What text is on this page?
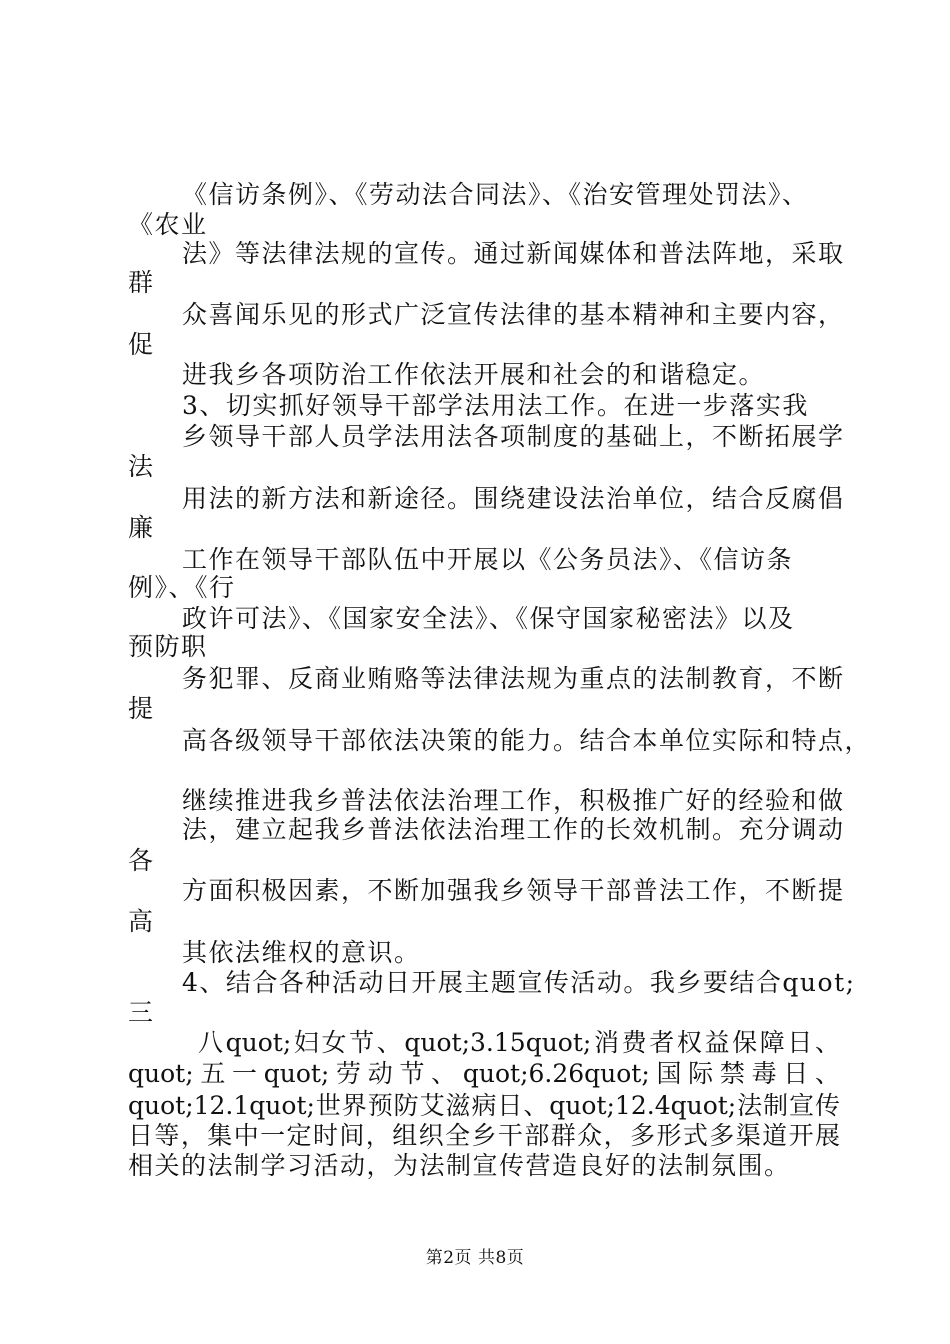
《信访条例》、《劳动法合同法》、《治安管理处罚法》、
《农业
法》等法律法规的宣传。通过新闻媒体和普法阵地，采取
群
众喜闻乐见的形式广泛宣传法律的基本精神和主要内容，
促
进我乡各项防治工作依法开展和社会的和谐稳定。
3、切实抓好领导干部学法用法工作。在进一步落实我
乡领导干部人员学法用法各项制度的基础上，不断拓展学
法
用法的新方法和新途径。围绕建设法治单位，结合反腐倡
廉
工作在领导干部队伍中开展以《公务员法》、《信访条
例》、《行
政许可法》、《国家安全法》、《保守国家秘密法》以及
预防职
务犯罪、反商业贿赂等法律法规为重点的法制教育，不断
提
高各级领导干部依法决策的能力。结合本单位实际和特点，
继续推进我乡普法依法治理工作，积极推广好的经验和做
法，建立起我乡普法依法治理工作的长效机制。充分调动
各
方面积极因素，不断加强我乡领导干部普法工作，不断提
高
其依法维权的意识。
4、结合各种活动日开展主题宣传活动。我乡要结合quot;
三
八quot;妇女节、quot;3.15quot;消费者权益保障日、
quot;五一quot;劳动节、quot;6.26quot;国际禁毒日、
quot;12.1quot;世界预防艾滋病日、quot;12.4quot;法制宣传
日等，集中一定时间，组织全乡干部群众，多形式多渠道开展
相关的法制学习活动，为法制宣传营造良好的法制氛围。
第2页 共8页
